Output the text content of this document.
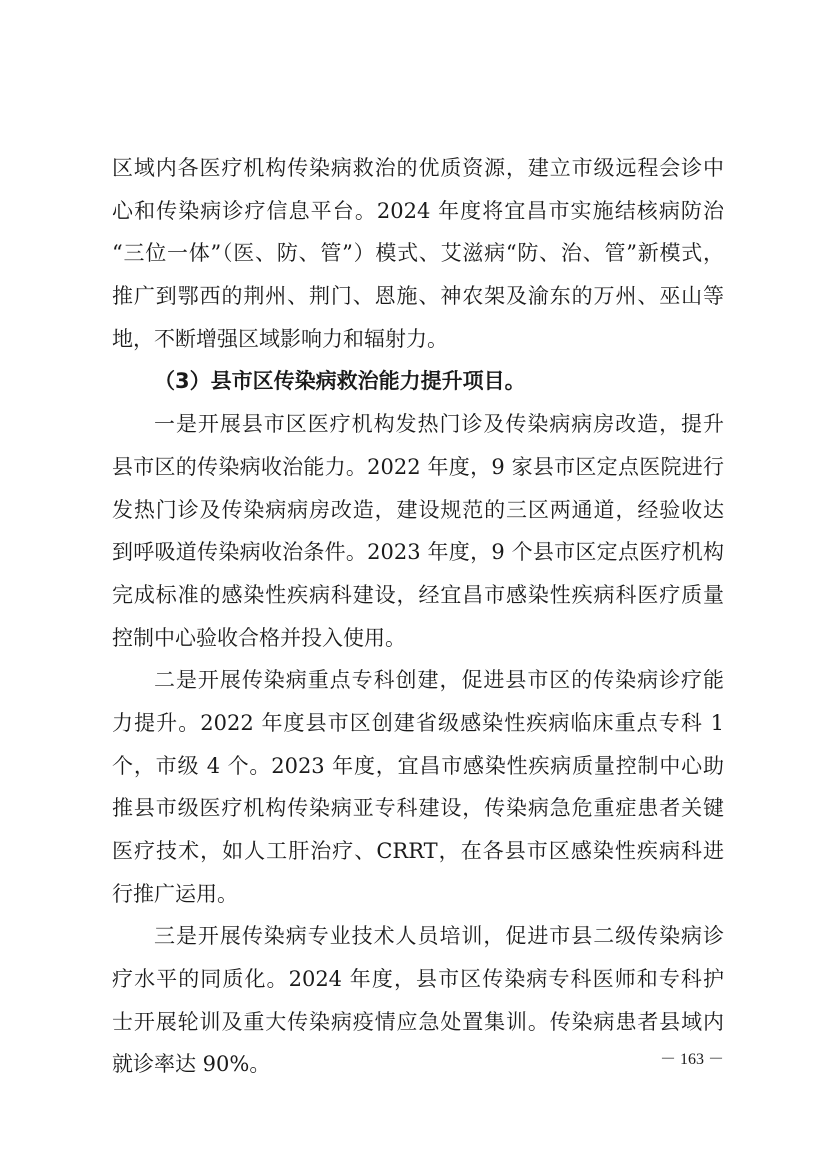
区域内各医疗机构传染病救治的优质资源，建立市级远程会诊中
心和传染病诊疗信息平台。2024 年度将宜昌市实施结核病防治
“三位一体”（医、防、管”）模式、艾滋病“防、治、管”新模式，
推广到鄂西的荆州、荆门、恩施、神农架及渝东的万州、巫山等
地，不断增强区域影响力和辐射力。
（3）县市区传染病救治能力提升项目。
一是开展县市区医疗机构发热门诊及传染病病房改造，提升
县市区的传染病收治能力。2022 年度，9 家县市区定点医院进行
发热门诊及传染病病房改造，建设规范的三区两通道，经验收达
到呼吸道传染病收治条件。2023 年度，9 个县市区定点医疗机构
完成标准的感染性疾病科建设，经宜昌市感染性疾病科医疗质量
控制中心验收合格并投入使用。
二是开展传染病重点专科创建，促进县市区的传染病诊疗能
力提升。2022 年度县市区创建省级感染性疾病临床重点专科 1
个，市级 4 个。2023 年度，宜昌市感染性疾病质量控制中心助
推县市级医疗机构传染病亚专科建设，传染病急危重症患者关键
医疗技术，如人工肝治疗、CRRT，在各县市区感染性疾病科进
行推广运用。
三是开展传染病专业技术人员培训，促进市县二级传染病诊
疗水平的同质化。2024 年度，县市区传染病专科医师和专科护
士开展轮训及重大传染病疫情应急处置集训。传染病患者县域内
就诊率达 90%。	－ 163 －
